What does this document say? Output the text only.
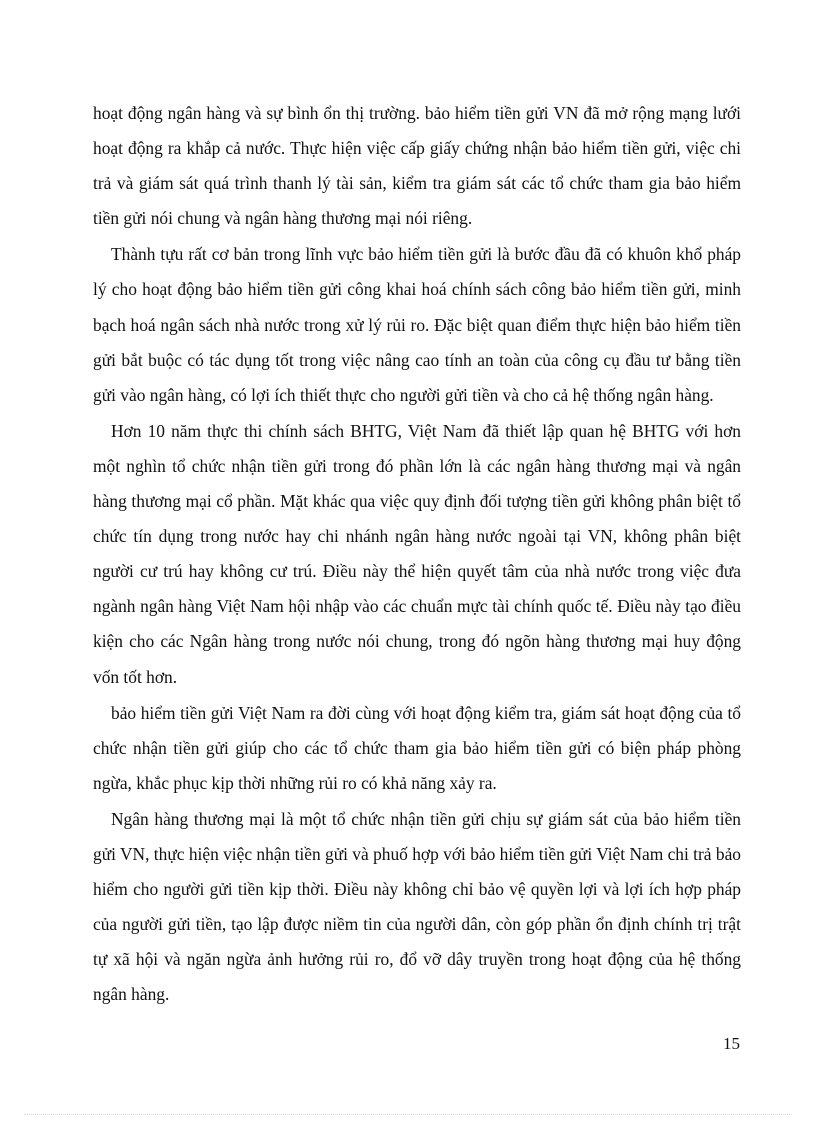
hoạt động ngân hàng và sự bình ổn thị trường. bảo hiểm tiền gửi VN đã mở rộng mạng lưới hoạt động ra khắp cả nước. Thực hiện việc cấp giấy chứng nhận bảo hiểm tiền gửi, việc chi trả và giám sát quá trình thanh lý tài sản, kiểm tra giám sát các tổ chức tham gia bảo hiểm tiền gửi nói chung và ngân hàng thương mại nói riêng.

Thành tựu rất cơ bản trong lĩnh vực bảo hiểm tiền gửi là bước đầu đã có khuôn khổ pháp lý cho hoạt động bảo hiểm tiền gửi công khai hoá chính sách công bảo hiểm tiền gửi, minh bạch hoá ngân sách nhà nước trong xử lý rủi ro. Đặc biệt quan điểm thực hiện bảo hiểm tiền gửi bắt buộc có tác dụng tốt trong việc nâng cao tính an toàn của công cụ đầu tư bằng tiền gửi vào ngân hàng, có lợi ích thiết thực cho người gửi tiền và cho cả hệ thống ngân hàng.

Hơn 10 năm thực thi chính sách BHTG, Việt Nam đã thiết lập quan hệ BHTG với hơn một nghìn tổ chức nhận tiền gửi trong đó phần lớn là các ngân hàng thương mại và ngân hàng thương mại cổ phần. Mặt khác qua việc quy định đối tượng tiền gửi không phân biệt tổ chức tín dụng trong nước hay chi nhánh ngân hàng nước ngoài tại VN, không phân biệt người cư trú hay không cư trú. Điều này thể hiện quyết tâm của nhà nước trong việc đưa ngành ngân hàng Việt Nam hội nhập vào các chuẩn mực tài chính quốc tế. Điều này tạo điều kiện cho các Ngân hàng trong nước nói chung, trong đó ngõn hàng thương mại huy động vốn tốt hơn.

bảo hiểm tiền gửi Việt Nam ra đời cùng với hoạt động kiểm tra, giám sát hoạt động của tổ chức nhận tiền gửi giúp cho các tổ chức tham gia bảo hiểm tiền gửi có biện pháp phòng ngừa, khắc phục kịp thời những rủi ro có khả năng xảy ra.

Ngân hàng thương mại là một tổ chức nhận tiền gửi chịu sự giám sát của bảo hiểm tiền gửi VN, thực hiện việc nhận tiền gửi và phuố hợp với bảo hiểm tiền gửi Việt Nam chi trả bảo hiểm cho người gửi tiền kịp thời. Điều này không chỉ bảo vệ quyền lợi và lợi ích hợp pháp của người gửi tiền, tạo lập được niềm tin của người dân, còn góp phần ổn định chính trị trật tự xã hội và ngăn ngừa ảnh hưởng rủi ro, đổ vỡ dây truyền trong hoạt động của hệ thống ngân hàng.

15
